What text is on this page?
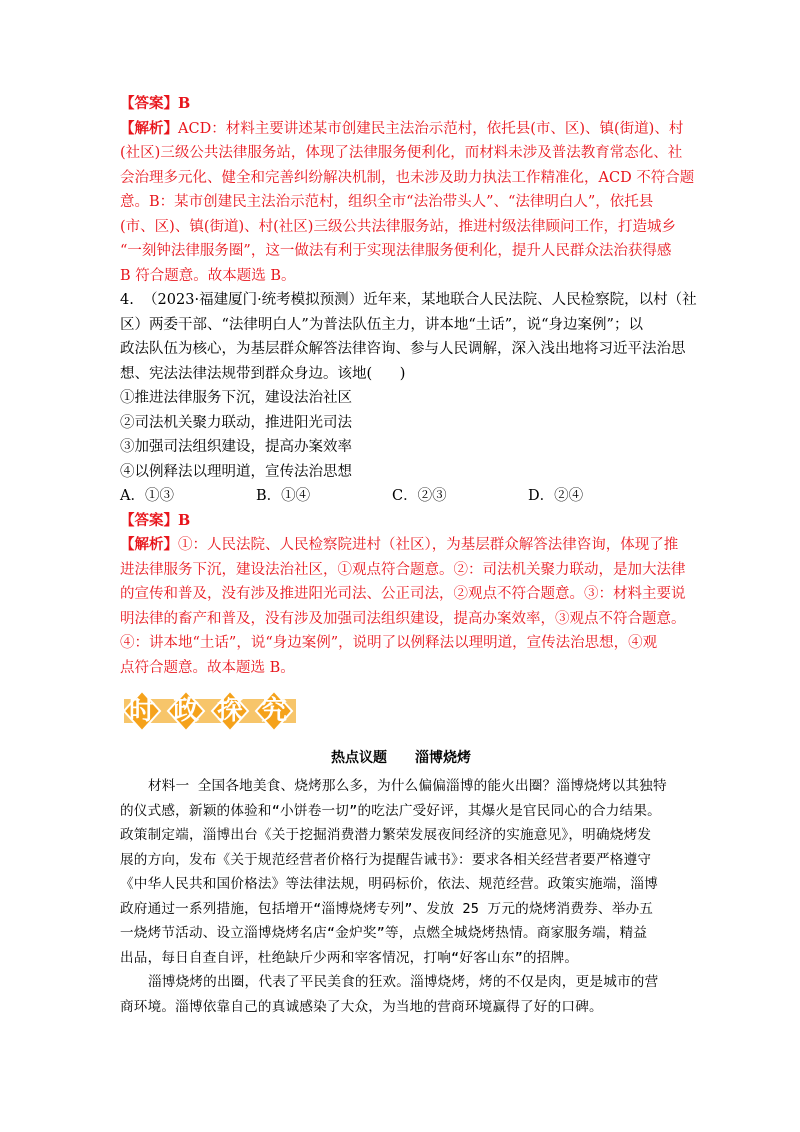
【答案】B
【解析】ACD：材料主要讲述某市创建民主法治示范村，依托县(市、区)、镇(街道)、村
(社区)三级公共法律服务站，体现了法律服务便利化，而材料未涉及普法教育常态化、社
会治理多元化、健全和完善纠纷解决机制，也未涉及助力执法工作精准化，ACD 不符合题
意。B：某市创建民主法治示范村，组织全市“法治带头人”、“法律明白人”，依托县
(市、区)、镇(街道)、村(社区)三级公共法律服务站，推进村级法律顾问工作，打造城乡
“一刻钟法律服务圈”，这一做法有利于实现法律服务便利化，提升人民群众法治获得感
B 符合题意。故本题选 B。
4.  （2023·福建厦门·统考模拟预测）近年来，某地联合人民法院、人民检察院，以村（社
区）两委干部、“法律明白人”为普法队伍主力，讲本地“土话”，说“身边案例”；以
政法队伍为核心，为基层群众解答法律咨询、参与人民调解，深入浅出地将习近平法治思
想、宪法法律法规带到群众身边。该地(      )
①推进法律服务下沉，建设法治社区
②司法机关聚力联动，推进阳光司法
③加强司法组织建设，提高办案效率
④以例释法以理明道，宣传法治思想
A．①③	B．①④	C．②③	D．②④
【答案】B
【解析】①：人民法院、人民检察院进村（社区），为基层群众解答法律咨询，体现了推
进法律服务下沉，建设法治社区，①观点符合题意。②：司法机关聚力联动，是加大法律
的宣传和普及，没有涉及推进阳光司法、公正司法，②观点不符合题意。③：材料主要说
明法律的畜产和普及，没有涉及加强司法组织建设，提高办案效率，③观点不符合题意。
④：讲本地“土话”，说“身边案例”，说明了以例释法以理明道，宣传法治思想，④观
点符合题意。故本题选 B。
时 政 探 究
热点议题　　淄博烧烤
材料一 全国各地美食、烧烤那么多，为什么偏偏淄博的能火出圈？淄博烧烤以其独特
的仪式感，新颖的体验和“小饼卷一切”的吃法广受好评，其爆火是官民同心的合力结果。
政策制定端，淄博出台《关于挖掘消费潜力繁荣发展夜间经济的实施意见》，明确烧烤发
展的方向，发布《关于规范经营者价格行为提醒告诫书》：要求各相关经营者要严格遵守
《中华人民共和国价格法》等法律法规，明码标价，依法、规范经营。政策实施端，淄博
政府通过一系列措施，包括增开“淄博烧烤专列”、发放 25 万元的烧烤消费券、举办五
一烧烤节活动、设立淄博烧烤名店“金炉奖”等，点燃全城烧烤热情。商家服务端，精益
出品，每日自查自评，杜绝缺斤少两和宰客情况，打响“好客山东”的招牌。
淄博烧烤的出圈，代表了平民美食的狂欢。淄博烧烤，烤的不仅是肉，更是城市的营
商环境。淄博依靠自己的真诚感染了大众，为当地的营商环境赢得了好的口碑。
